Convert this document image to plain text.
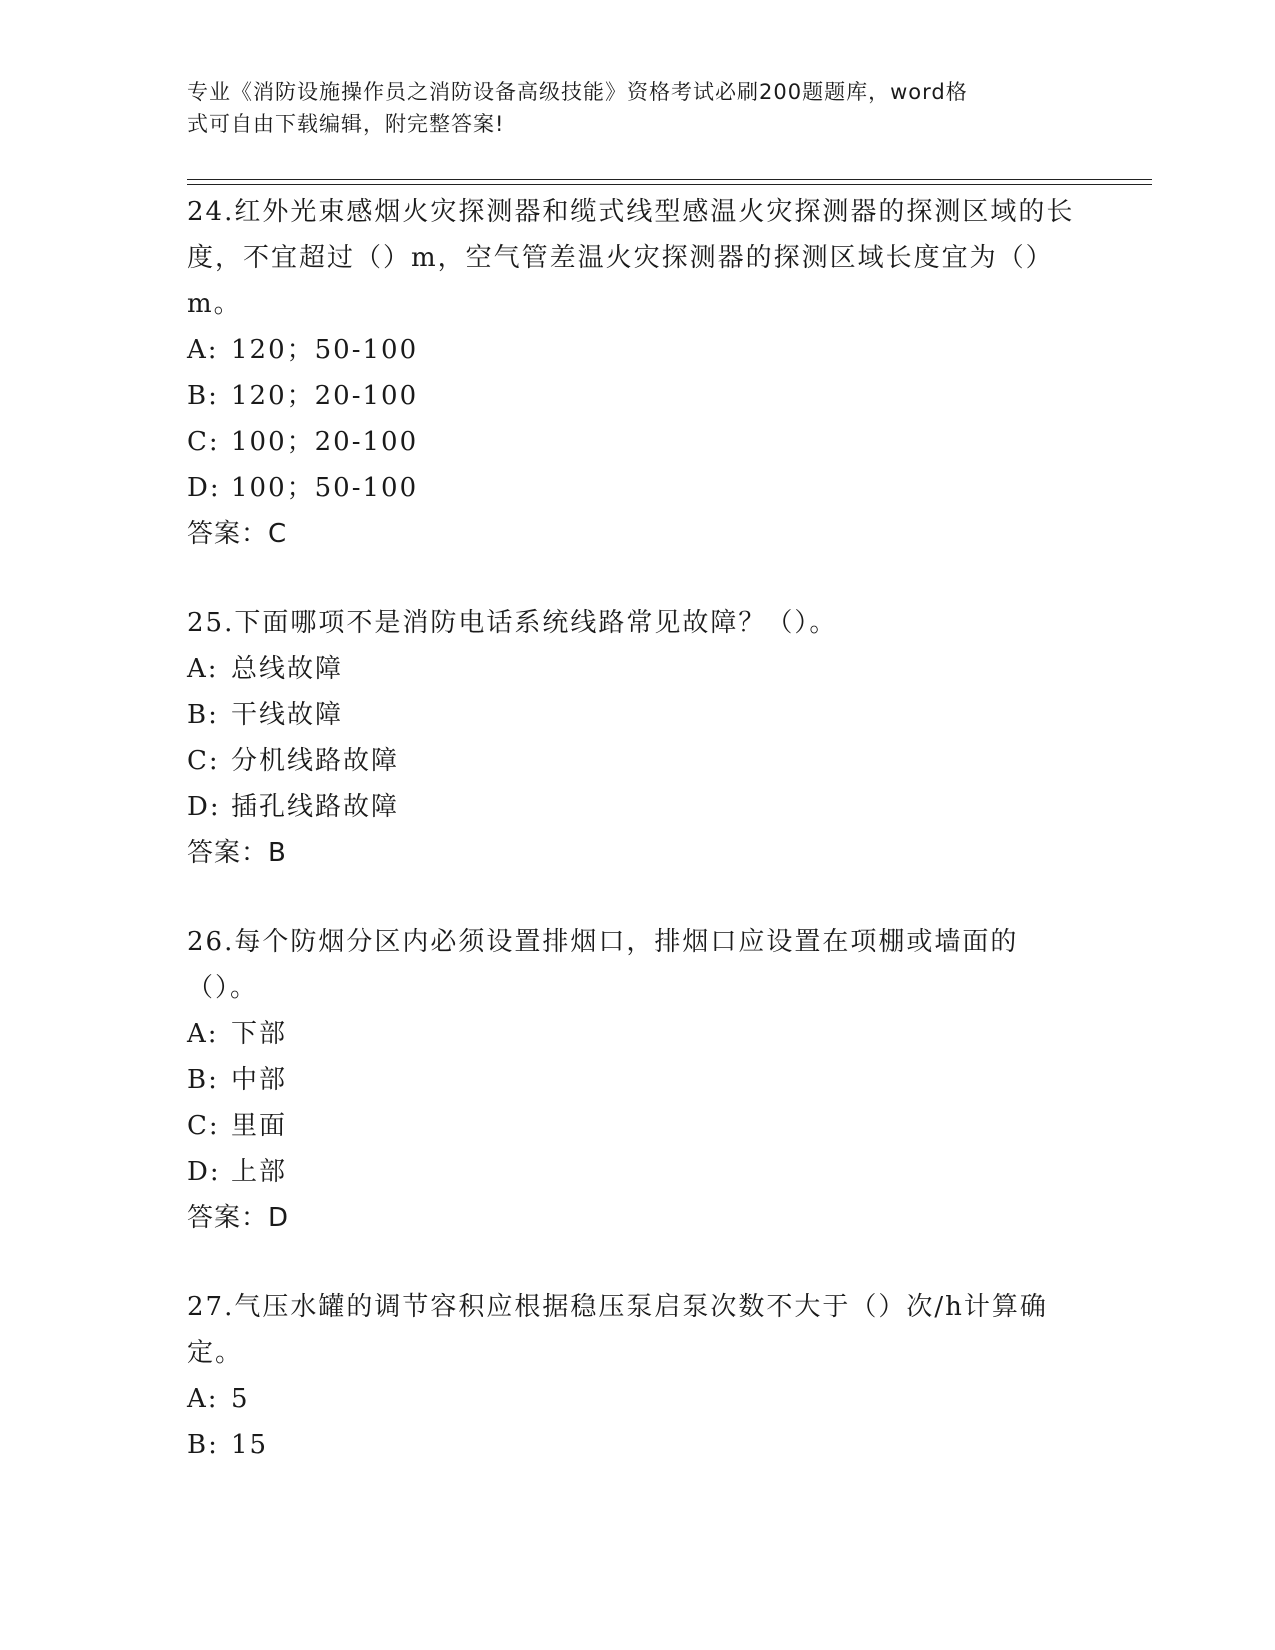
专业《消防设施操作员之消防设备高级技能》资格考试必刷200题题库，word格
式可自由下载编辑，附完整答案!

24.红外光束感烟火灾探测器和缆式线型感温火灾探测器的探测区域的长度，不宜超过（）m，空气管差温火灾探测器的探测区域长度宜为（）m。

A: 120；50-100

B: 120；20-100

C: 100；20-100

D: 100；50-100

答案：C

25.下面哪项不是消防电话系统线路常见故障？（）。

A: 总线故障

B: 干线故障

C: 分机线路故障

D: 插孔线路故障

答案：B

26.每个防烟分区内必须设置排烟口，排烟口应设置在项棚或墙面的（）。

A: 下部

B: 中部

C: 里面

D: 上部

答案：D

27.气压水罐的调节容积应根据稳压泵启泵次数不大于（）次/h计算确定。

A: 5

B: 15
